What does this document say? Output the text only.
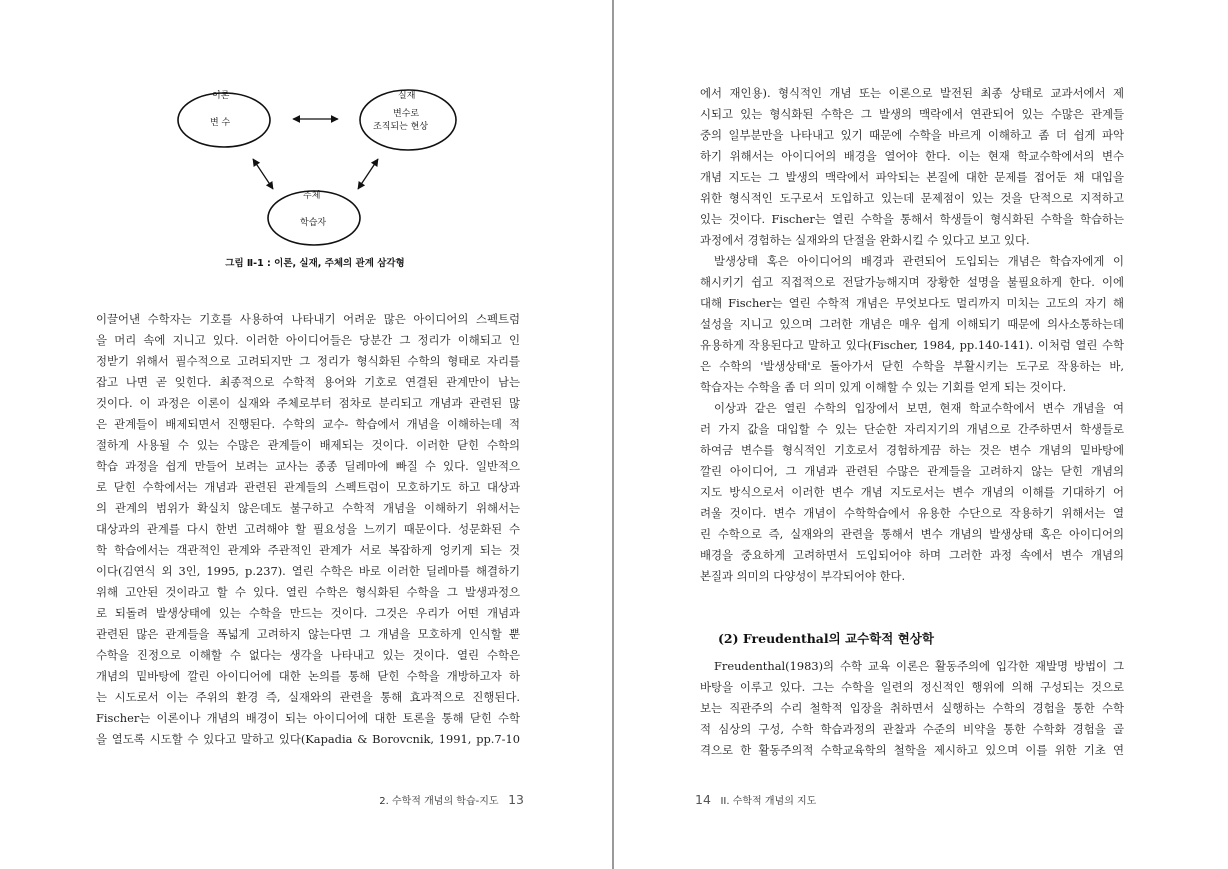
이론
변 수
실재
변수로
조직되는 현상
주체
학습자
그림 Ⅱ-1 : 이론, 실재, 주체의 관계 삼각형
이끌어낸 수학자는 기호를 사용하여 나타내기 어려운 많은 아이디어의 스펙트럼
을 머리 속에 지니고 있다. 이러한 아이디어들은 당분간 그 정리가 이해되고 인
정받기 위해서 필수적으로 고려되지만 그 정리가 형식화된 수학의 형태로 자리를
잡고 나면 곧 잊힌다. 최종적으로 수학적 용어와 기호로 연결된 관계만이 남는
것이다. 이 과정은 이론이 실재와 주체로부터 점차로 분리되고 개념과 관련된 많
은 관계들이 배제되면서 진행된다. 수학의 교수- 학습에서 개념을 이해하는데 적
절하게 사용될 수 있는 수많은 관계들이 배제되는 것이다. 이러한 닫힌 수학의
학습 과정을 쉽게 만들어 보려는 교사는 종종 딜레마에 빠질 수 있다. 일반적으
로 닫힌 수학에서는 개념과 관련된 관계들의 스펙트럼이 모호하기도 하고 대상과
의 관계의 범위가 확실치 않은데도 불구하고 수학적 개념을 이해하기 위해서는
대상과의 관계를 다시 한번 고려해야 할 필요성을 느끼기 때문이다. 성문화된 수
학 학습에서는 객관적인 관계와 주관적인 관계가 서로 복잡하게 엉키게 되는 것
이다(김연식 외 3인, 1995, p.237). 열린 수학은 바로 이러한 딜레마를 해결하기
위해 고안된 것이라고 할 수 있다. 열린 수학은 형식화된 수학을 그 발생과정으
로 되돌려 발생상태에 있는 수학을 만드는 것이다. 그것은 우리가 어떤 개념과
관련된 많은 관계들을 폭넓게 고려하지 않는다면 그 개념을 모호하게 인식할 뿐
수학을 진정으로 이해할 수 없다는 생각을 나타내고 있는 것이다. 열린 수학은
개념의 밑바탕에 깔린 아이디어에 대한 논의를 통해 닫힌 수학을 개방하고자 하
는 시도로서 이는 주위의 환경 즉, 실재와의 관련을 통해 효과적으로 진행된다.
Fischer는 이론이나 개념의 배경이 되는 아이디어에 대한 토론을 통해 닫힌 수학
을 열도록 시도할 수 있다고 말하고 있다(Kapadia & Borovcnik, 1991, pp.7-10
2. 수학적 개념의 학습-지도 13
에서 재인용). 형식적인 개념 또는 이론으로 발전된 최종 상태로 교과서에서 제
시되고 있는 형식화된 수학은 그 발생의 맥락에서 연관되어 있는 수많은 관계들
중의 일부분만을 나타내고 있기 때문에 수학을 바르게 이해하고 좀 더 쉽게 파악
하기 위해서는 아이디어의 배경을 열어야 한다. 이는 현재 학교수학에서의 변수
개념 지도는 그 발생의 맥락에서 파악되는 본질에 대한 문제를 접어둔 채 대입을
위한 형식적인 도구로서 도입하고 있는데 문제점이 있는 것을 단적으로 지적하고
있는 것이다. Fischer는 열린 수학을 통해서 학생들이 형식화된 수학을 학습하는
과정에서 경험하는 실재와의 단절을 완화시킬 수 있다고 보고 있다.
발생상태 혹은 아이디어의 배경과 관련되어 도입되는 개념은 학습자에게 이
해시키기 쉽고 직접적으로 전달가능해지며 장황한 설명을 불필요하게 한다. 이에
대해 Fischer는 열린 수학적 개념은 무엇보다도 멀리까지 미치는 고도의 자기 해
설성을 지니고 있으며 그러한 개념은 매우 쉽게 이해되기 때문에 의사소통하는데
유용하게 작용된다고 말하고 있다(Fischer, 1984, pp.140-141). 이처럼 열린 수학
은 수학의 '발생상태'로 돌아가서 닫힌 수학을 부활시키는 도구로 작용하는 바,
학습자는 수학을 좀 더 의미 있게 이해할 수 있는 기회를 얻게 되는 것이다.
이상과 같은 열린 수학의 입장에서 보면, 현재 학교수학에서 변수 개념을 여
러 가지 값을 대입할 수 있는 단순한 자리지기의 개념으로 간주하면서 학생들로
하여금 변수를 형식적인 기호로서 경험하게끔 하는 것은 변수 개념의 밑바탕에
깔린 아이디어, 그 개념과 관련된 수많은 관계들을 고려하지 않는 닫힌 개념의
지도 방식으로서 이러한 변수 개념 지도로서는 변수 개념의 이해를 기대하기 어
려울 것이다. 변수 개념이 수학학습에서 유용한 수단으로 작용하기 위해서는 열
린 수학으로 즉, 실재와의 관련을 통해서 변수 개념의 발생상태 혹은 아이디어의
배경을 중요하게 고려하면서 도입되어야 하며 그러한 과정 속에서 변수 개념의
본질과 의미의 다양성이 부각되어야 한다.
(2) Freudenthal의 교수학적 현상학
Freudenthal(1983)의 수학 교육 이론은 활동주의에 입각한 재발명 방법이 그
바탕을 이루고 있다. 그는 수학을 일련의 정신적인 행위에 의해 구성되는 것으로
보는 직관주의 수리 철학적 입장을 취하면서 실행하는 수학의 경험을 통한 수학
적 심상의 구성, 수학 학습과정의 관찰과 수준의 비약을 통한 수학화 경험을 골
격으로 한 활동주의적 수학교육학의 철학을 제시하고 있으며 이를 위한 기초 연
14 II. 수학적 개념의 지도
